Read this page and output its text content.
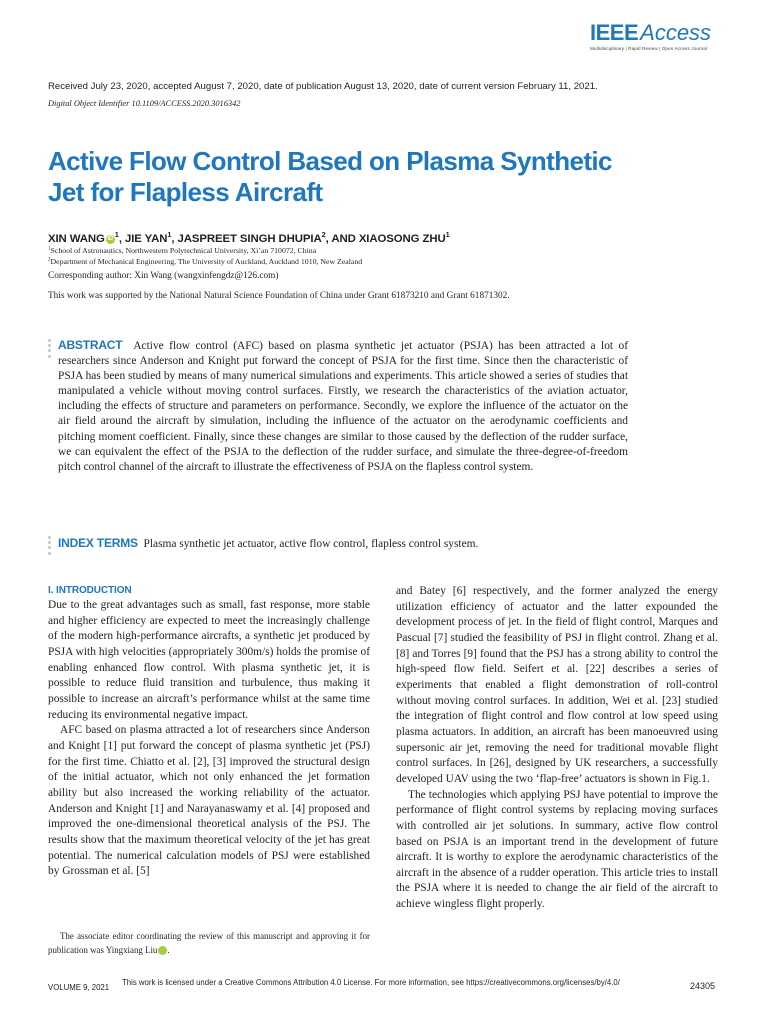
IEEEAccess
Multidisciplinary | Rapid Review | Open Access Journal
Received July 23, 2020, accepted August 7, 2020, date of publication August 13, 2020, date of current version February 11, 2021.
Digital Object Identifier 10.1109/ACCESS.2020.3016342
Active Flow Control Based on Plasma Synthetic Jet for Flapless Aircraft
XIN WANG iD $^1$, JIE YAN$^1$, JASPREET SINGH DHUPIA$^2$, AND XIAOSONG ZHU$^1$
$^1$School of Astronautics, Northwestern Polytechnical University, Xi’an 710072, China
$^2$Department of Mechanical Engineering, The University of Auckland, Auckland 1010, New Zealand
Corresponding author: Xin Wang (wangxinfengdz@126.com)
This work was supported by the National Natural Science Foundation of China under Grant 61873210 and Grant 61871302.
ABSTRACT Active flow control (AFC) based on plasma synthetic jet actuator (PSJA) has been attracted a lot of researchers since Anderson and Knight put forward the concept of PSJA for the first time. Since then the characteristic of PSJA has been studied by means of many numerical simulations and experiments. This article showed a series of studies that manipulated a vehicle without moving control surfaces. Firstly, we research the characteristics of the aviation actuator, including the effects of structure and parameters on performance. Secondly, we explore the influence of the actuator on the air field around the aircraft by simulation, including the influence of the actuator on the aerodynamic coefficients and pitching moment coefficient. Finally, since these changes are similar to those caused by the deflection of the rudder surface, we can equivalent the effect of the PSJA to the deflection of the rudder surface, and simulate the three-degree-of-freedom pitch control channel of the aircraft to illustrate the effectiveness of PSJA on the flapless control system.
INDEX TERMS Plasma synthetic jet actuator, active flow control, flapless control system.
I. INTRODUCTION

Due to the great advantages such as small, fast response, more stable and higher efficiency are expected to meet the increasingly challenge of the modern high-performance aircrafts, a synthetic jet produced by PSJA with high velocities (appropriately 300m/s) holds the promise of enabling enhanced flow control. With plasma synthetic jet, it is possible to reduce fluid transition and turbulence, thus making it possible to increase an aircraft’s performance whilst at the same time reducing its environmental negative impact.

AFC based on plasma attracted a lot of researchers since Anderson and Knight [1] put forward the concept of plasma synthetic jet (PSJ) for the first time. Chiatto et al. [2], [3] improved the structural design of the initial actuator, which not only enhanced the jet formation ability but also increased the working reliability of the actuator. Anderson and Knight [1] and Narayanaswamy et al. [4] proposed and improved the one-dimensional theoretical analysis of the PSJ. The results show that the maximum theoretical velocity of the jet has great potential. The numerical calculation models of PSJ were established by Grossman et al. [5]

and Batey [6] respectively, and the former analyzed the energy utilization efficiency of actuator and the latter expounded the development process of jet. In the field of flight control, Marques and Pascual [7] studied the feasibility of PSJ in flight control. Zhang et al. [8] and Torres [9] found that the PSJ has a strong ability to control the high-speed flow field. Seifert et al. [22] describes a series of experiments that enabled a flight demonstration of roll-control without moving control surfaces. In addition, Wei et al. [23] studied the integration of flight control and flow control at low speed using plasma actuators. In addition, an aircraft has been manoeuvred using supersonic air jet, removing the need for traditional movable flight control surfaces. In [26], designed by UK researchers, a successfully developed UAV using the two ‘flap-free’ actuators is shown in Fig.1.

The technologies which applying PSJ have potential to improve the performance of flight control systems by replacing moving surfaces with controlled air jet solutions. In summary, active flow control based on PSJA is an important trend in the development of future aircraft. It is worthy to explore the aerodynamic characteristics of the aircraft in the absence of a rudder operation. This article tries to install the PSJA where it is needed to change the air field of the aircraft to achieve wingless flight properly.

The associate editor coordinating the review of this manuscript and approving it for publication was Yingxiang Liu iD.

VOLUME 9, 2021
This work is licensed under a Creative Commons Attribution 4.0 License. For more information, see https://creativecommons.org/licenses/by/4.0/	24305
